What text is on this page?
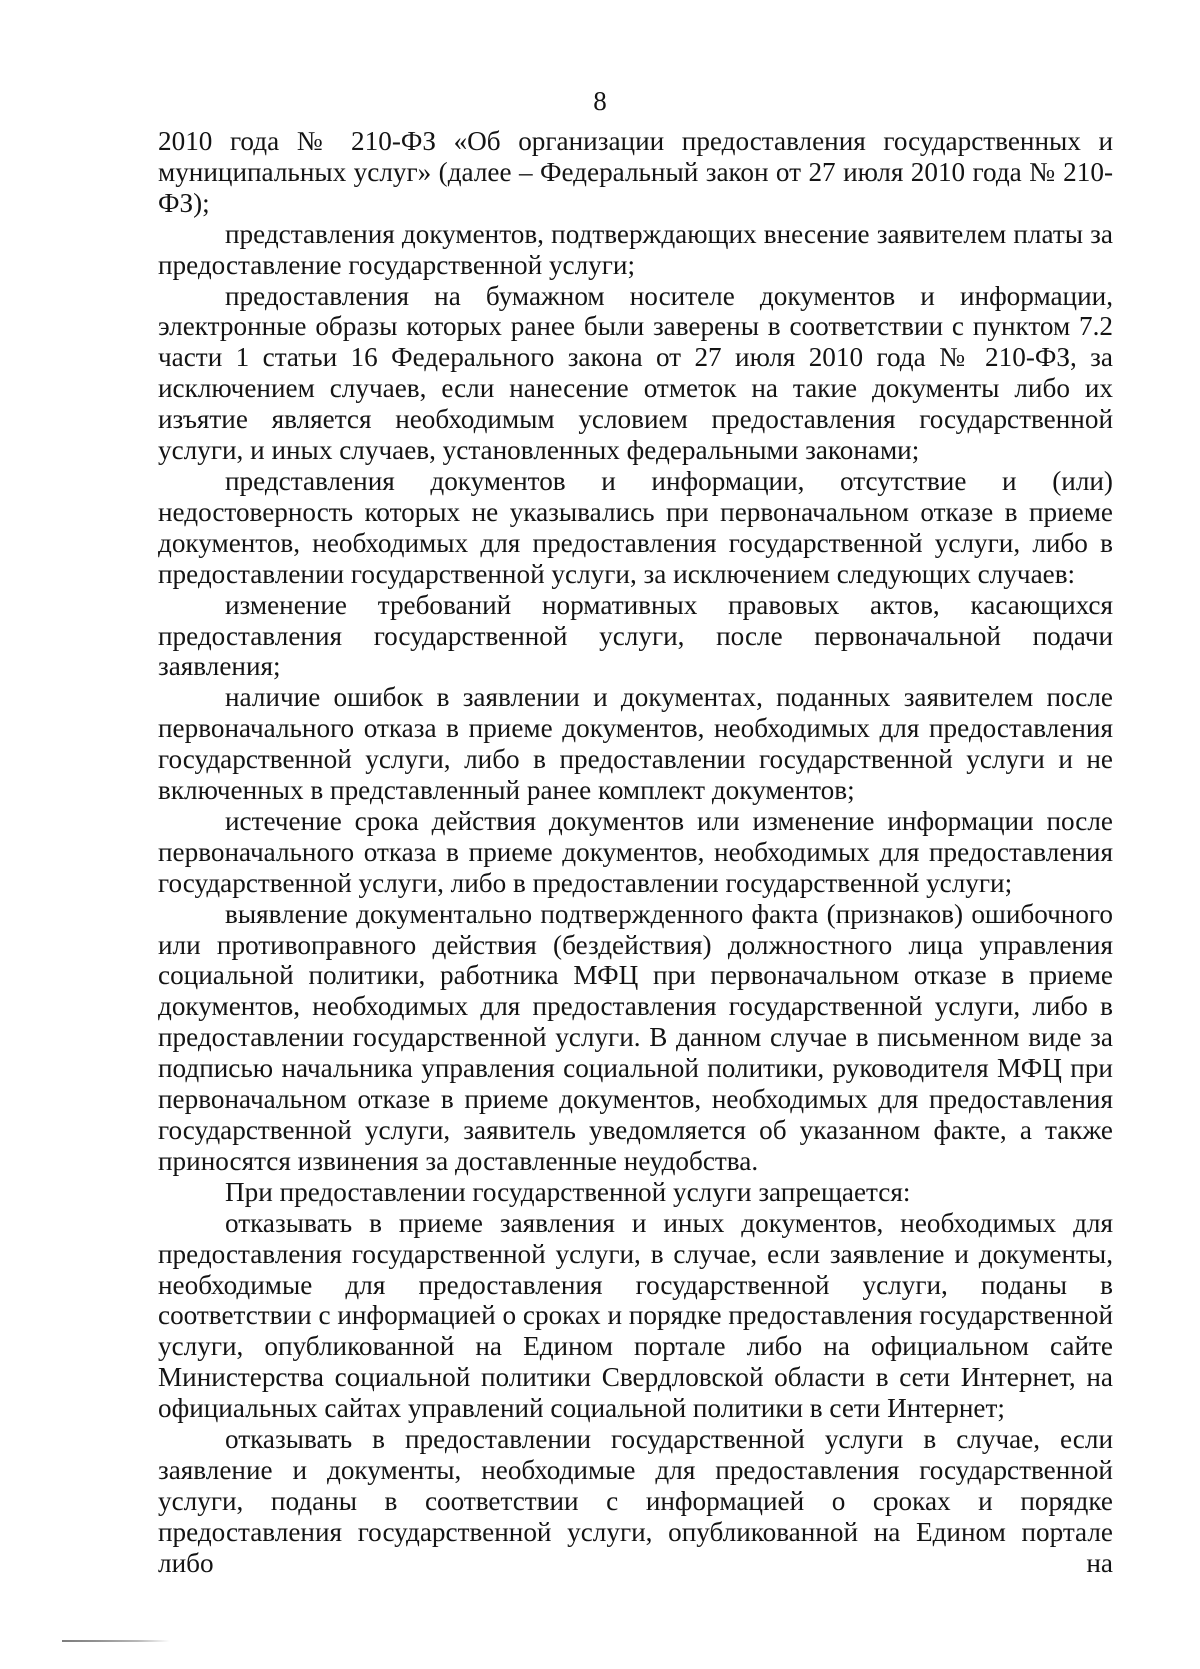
8

2010 года № 210-ФЗ «Об организации предоставления государственных и муниципальных услуг» (далее – Федеральный закон от 27 июля 2010 года № 210-ФЗ);

представления документов, подтверждающих внесение заявителем платы за предоставление государственной услуги;

предоставления на бумажном носителе документов и информации, электронные образы которых ранее были заверены в соответствии с пунктом 7.2 части 1 статьи 16 Федерального закона от 27 июля 2010 года № 210-ФЗ, за исключением случаев, если нанесение отметок на такие документы либо их изъятие является необходимым условием предоставления государственной услуги, и иных случаев, установленных федеральными законами;

представления документов и информации, отсутствие и (или) недостоверность которых не указывались при первоначальном отказе в приеме документов, необходимых для предоставления государственной услуги, либо в предоставлении государственной услуги, за исключением следующих случаев:

изменение требований нормативных правовых актов, касающихся предоставления государственной услуги, после первоначальной подачи заявления;

наличие ошибок в заявлении и документах, поданных заявителем после первоначального отказа в приеме документов, необходимых для предоставления государственной услуги, либо в предоставлении государственной услуги и не включенных в представленный ранее комплект документов;

истечение срока действия документов или изменение информации после первоначального отказа в приеме документов, необходимых для предоставления государственной услуги, либо в предоставлении государственной услуги;

выявление документально подтвержденного факта (признаков) ошибочного или противоправного действия (бездействия) должностного лица управления социальной политики, работника МФЦ при первоначальном отказе в приеме документов, необходимых для предоставления государственной услуги, либо в предоставлении государственной услуги. В данном случае в письменном виде за подписью начальника управления социальной политики, руководителя МФЦ при первоначальном отказе в приеме документов, необходимых для предоставления государственной услуги, заявитель уведомляется об указанном факте, а также приносятся извинения за доставленные неудобства.

При предоставлении государственной услуги запрещается:

отказывать в приеме заявления и иных документов, необходимых для предоставления государственной услуги, в случае, если заявление и документы, необходимые для предоставления государственной услуги, поданы в соответствии с информацией о сроках и порядке предоставления государственной услуги, опубликованной на Едином портале либо на официальном сайте Министерства социальной политики Свердловской области в сети Интернет, на официальных сайтах управлений социальной политики в сети Интернет;

отказывать в предоставлении государственной услуги в случае, если заявление и документы, необходимые для предоставления государственной услуги, поданы в соответствии с информацией о сроках и порядке предоставления государственной услуги, опубликованной на Едином портале либо на
